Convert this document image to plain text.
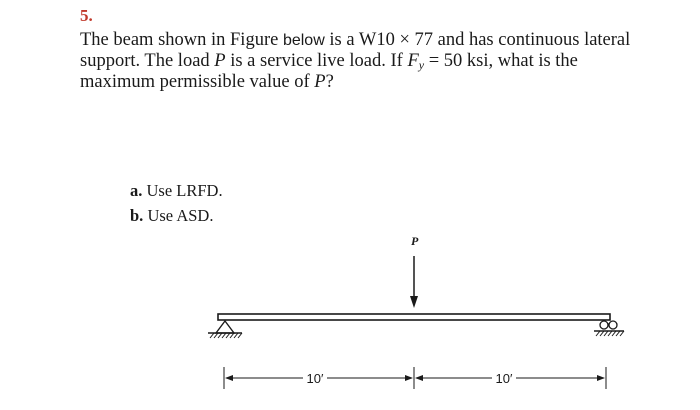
5.
The beam shown in Figure below is a W10 × 77 and has continuous lateral support. The load P is a service live load. If $F_y = 50$ ksi, what is the maximum permissible value of P?
a. Use LRFD.
b. Use ASD.
P
10′	10′
